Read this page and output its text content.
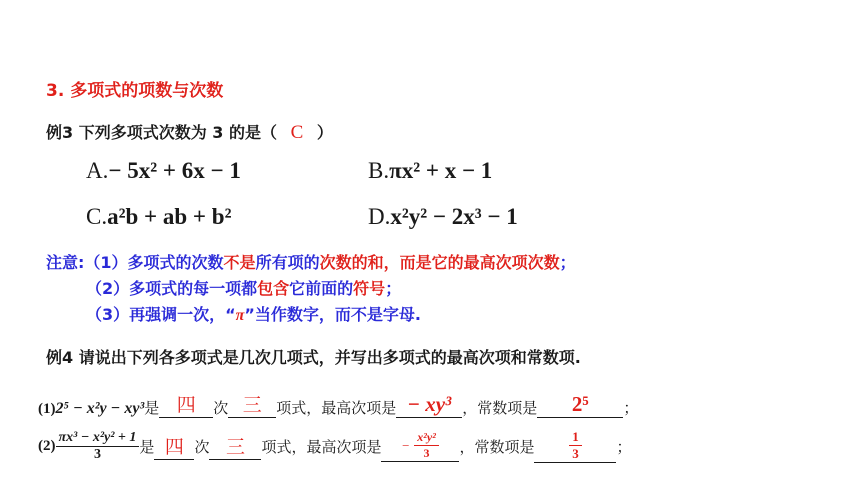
3. 多项式的项数与次数
例3 下列多项式次数为 3 的是（ C ）
A.− 5x² + 6x − 1	B.πx² + x − 1
C.a²b + ab + b²	D.x²y² − 2x³ − 1
注意:（1）多项式的次数不是所有项的次数的和，而是它的最高次项次数；
（2）多项式的每一项都包含它前面的符号；
（3）再强调一次，“π”当作数字，而不是字母.
例4 请说出下列各多项式是几次几项式，并写出多项式的最高次项和常数项.
(1) 2⁵ − x²y − xy³ 是 四	次 三 项式，最高次项是 − xy³ ，常数项是	2⁵	；
$(2) \frac{\text{πx³ − x²y² + 1}}{3}$ 是 四 次 三	项式，最高次项是	− $\frac{\text{x²y²}}{3}$ ，常数项是	$\frac{1}{3}$ ；
